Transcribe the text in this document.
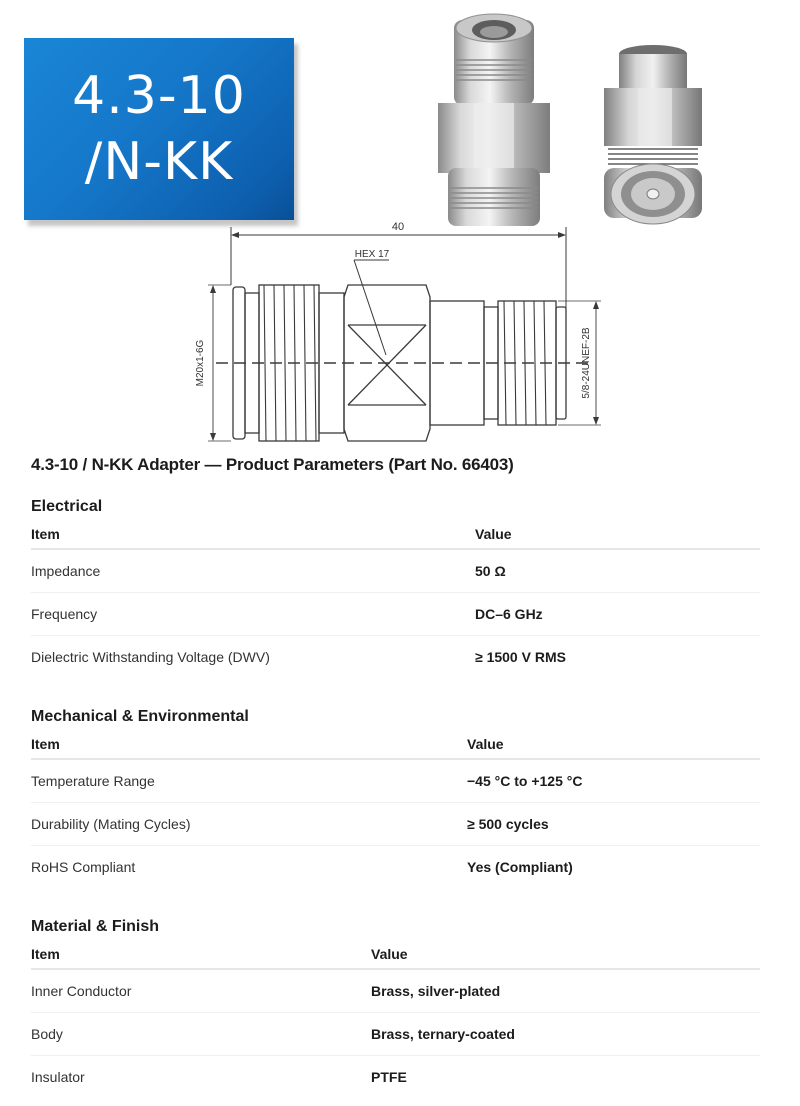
4.3-10
/N-KK
40
HEX 17
M20x1-6G	5/8-24UNEF-2B
4.3-10 / N-KK Adapter — Product Parameters (Part No. 66403)
Electrical
Item	Value
Impedance	50 Ω
Frequency	DC–6 GHz
Dielectric Withstanding Voltage (DWV)	≥ 1500 V RMS
Mechanical & Environmental
Item	Value
Temperature Range	−45 °C to +125 °C
Durability (Mating Cycles)	≥ 500 cycles
RoHS Compliant	Yes (Compliant)
Material & Finish
Item	Value
Inner Conductor	Brass, silver-plated
Body	Brass, ternary-coated
Insulator	PTFE
